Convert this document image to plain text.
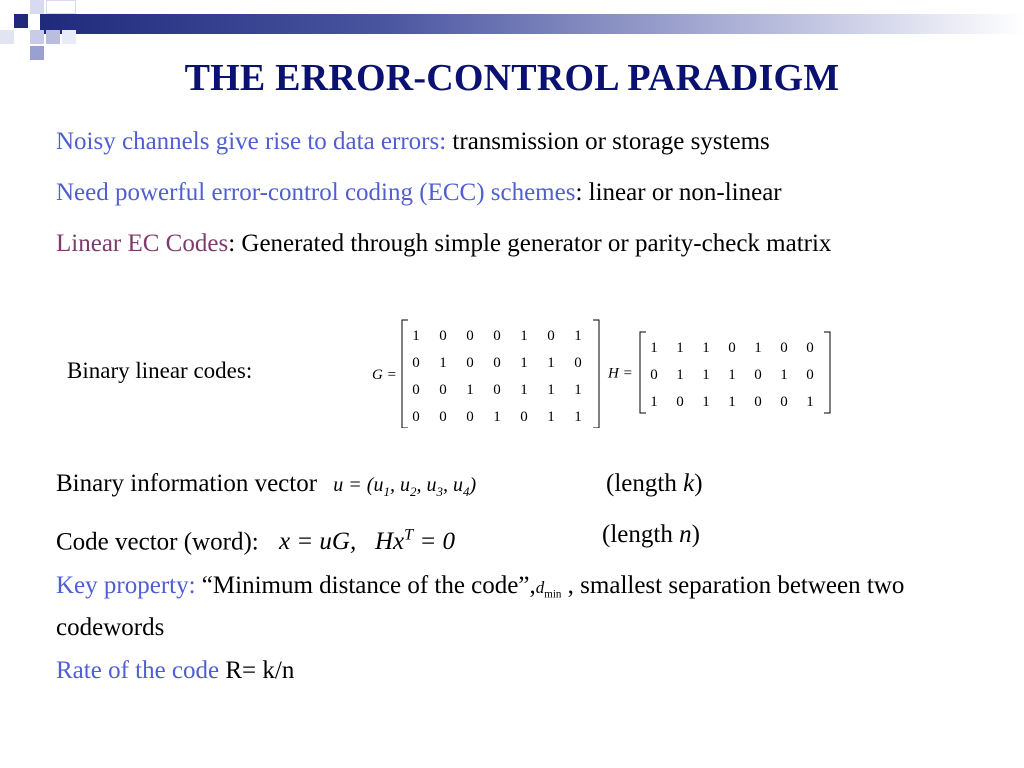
THE ERROR-CONTROL PARADIGM
Noisy channels give rise to data errors: transmission or storage systems
Need powerful error-control coding (ECC) schemes: linear or non-linear
Linear EC Codes: Generated through simple generator or parity-check matrix
Binary linear codes:	G =
1 0 0 0 1 0 1
0 1 0 0 1 1 0
0 0 1 0 1 1 1
0 0 0 1 0 1 1
H =
1 1 1 0 1 0 0
0 1 1 1 0 1 0
1 0 1 1 0 0 1
Binary information vector $u = (u_1$, $u_2$, $u_3$, $u_4$)	(length k)
Code vector (word): x = uG,   $Hx^T = 0$	(length n)
Key property: “Minimum distance of the $code”,d_{min}$ , smallest separation between two codewords
Rate of the code R= k/n
